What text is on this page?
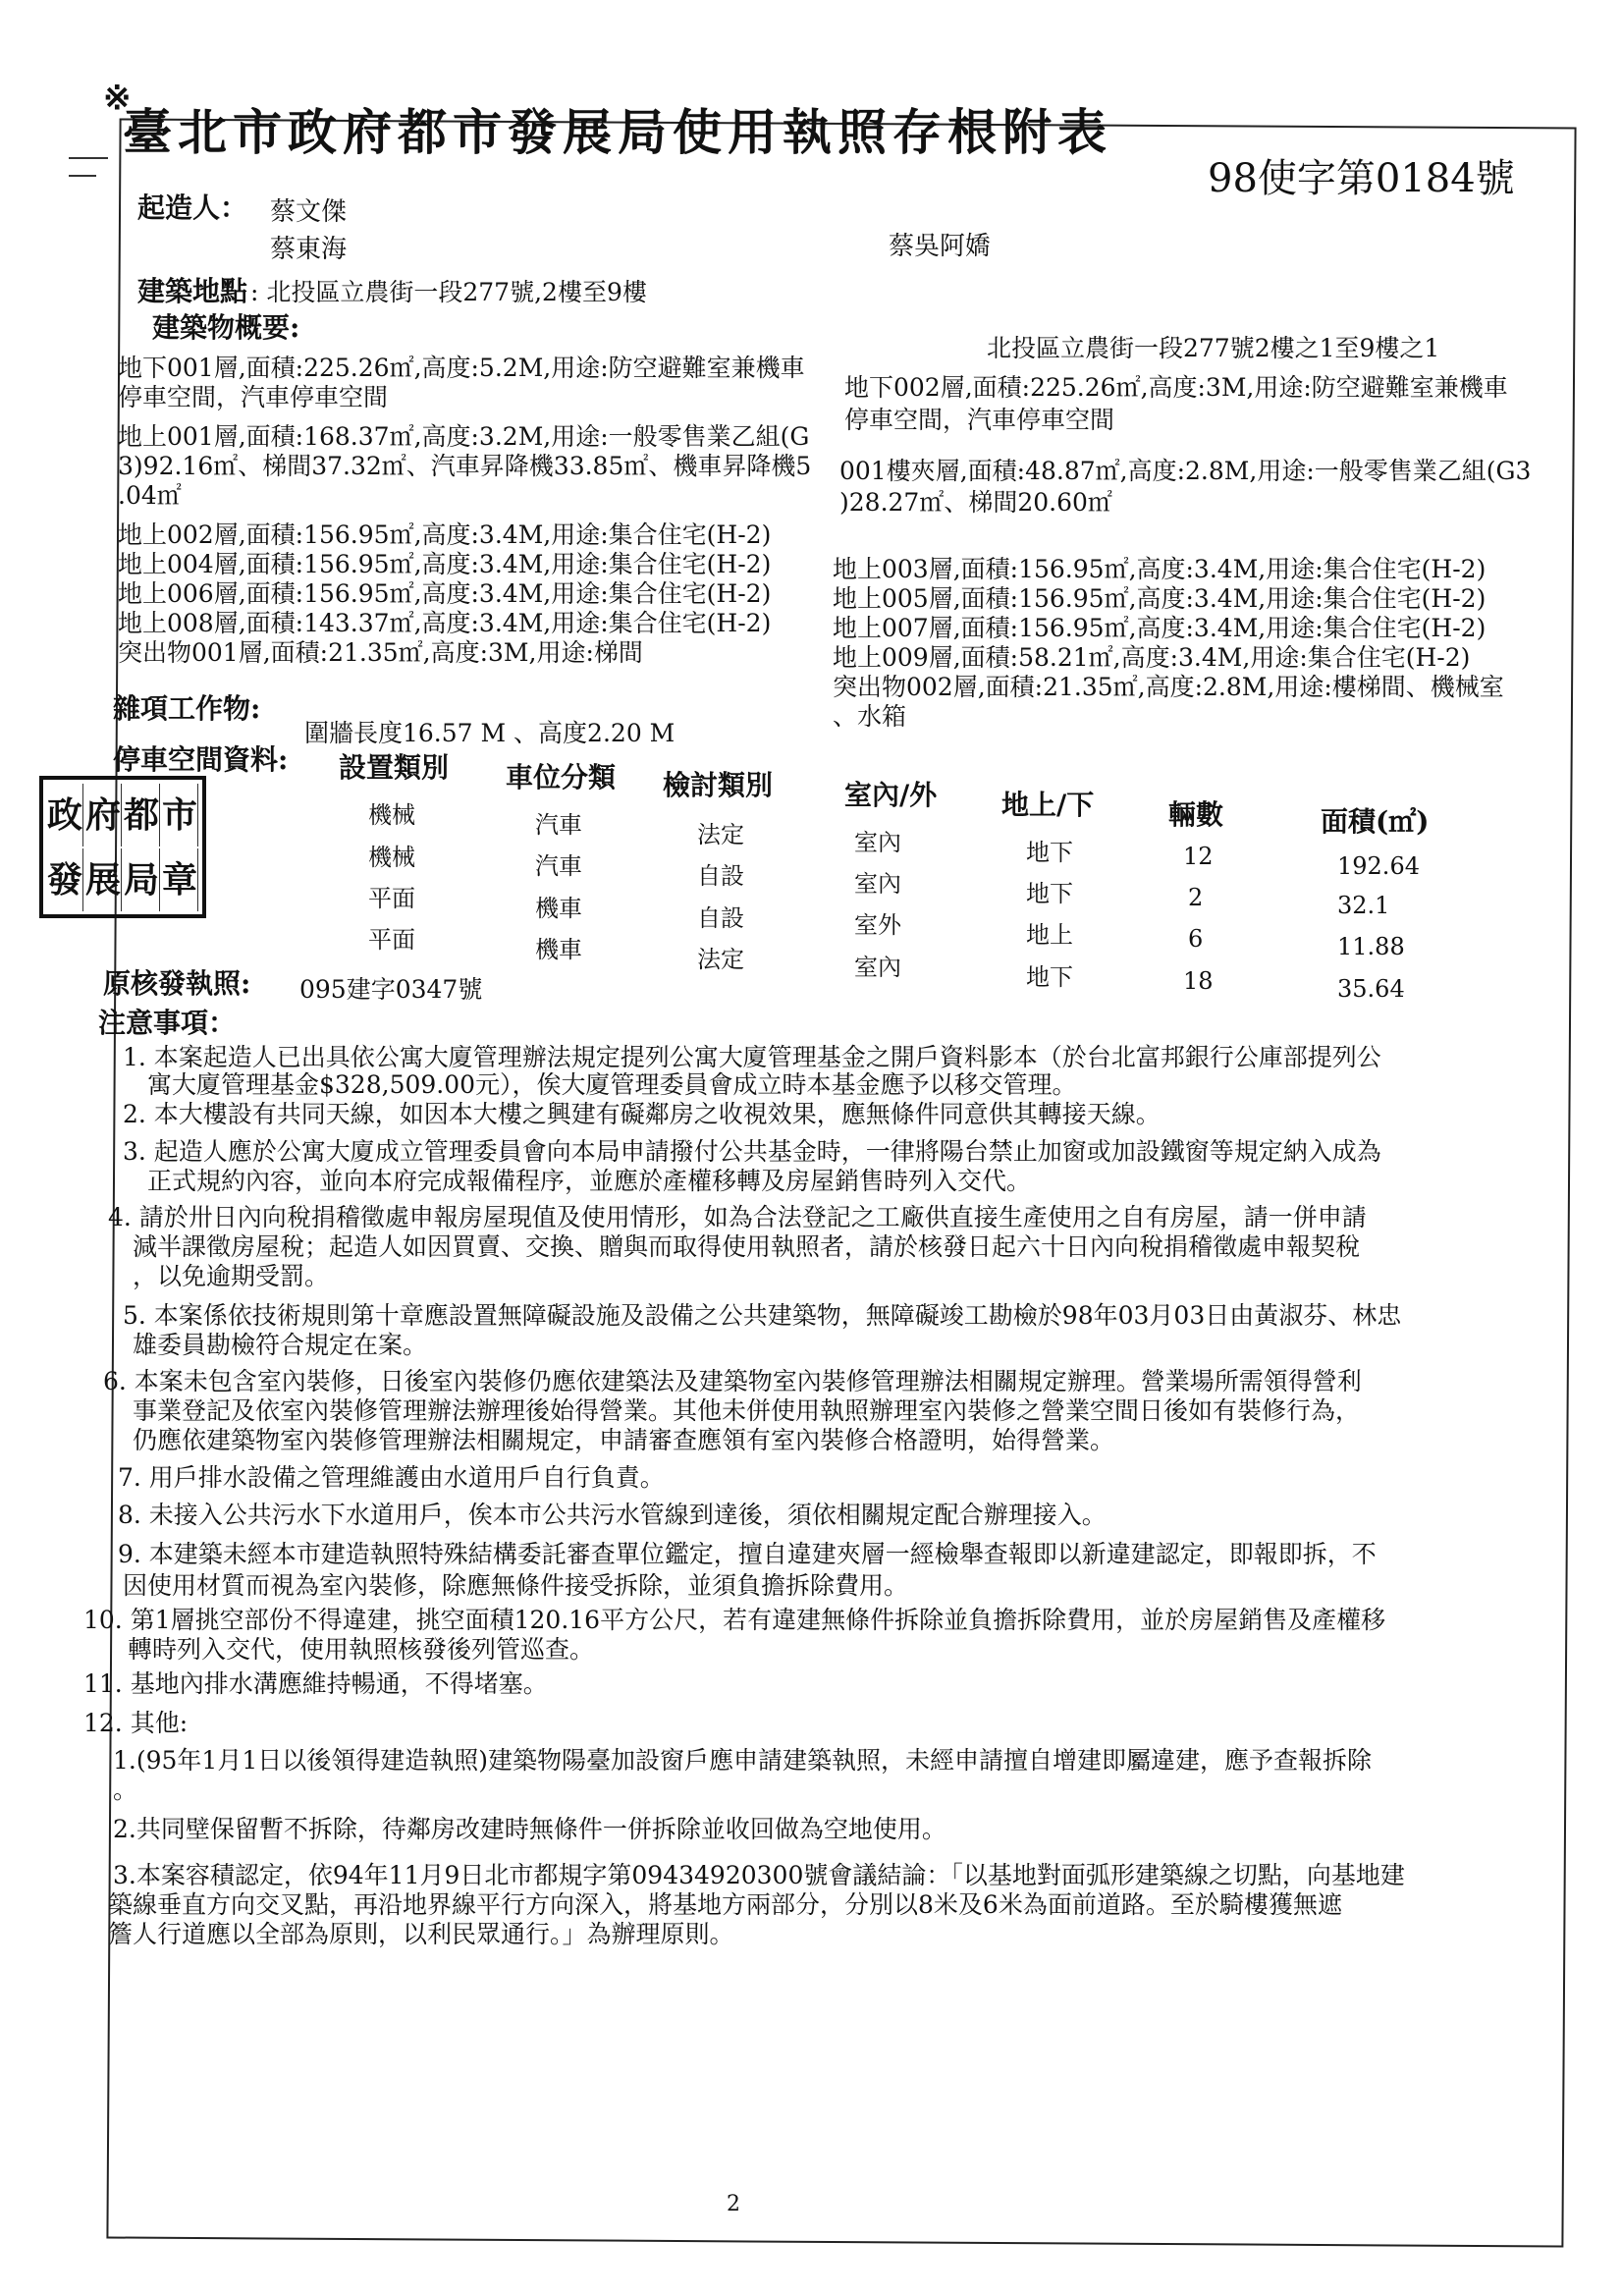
※
臺北市政府都市發展局使用執照存根附表
98使字第0184號
起造人： 蔡文傑
蔡東海	蔡吳阿嬌
建築地點 : 北投區立農街一段277號,2樓至9樓
北投區立農街一段277號2樓之1至9樓之1
建築物概要:
地下001層,面積:225.26㎡,高度:5.2M,用途:防空避難室兼機車
停車空間，汽車停車空間
地上001層,面積:168.37㎡,高度:3.2M,用途:一般零售業乙組(G
3)92.16㎡、梯間37.32㎡、汽車昇降機33.85㎡、機車昇降機5
.04㎡
地下002層,面積:225.26㎡,高度:3M,用途:防空避難室兼機車
停車空間，汽車停車空間
001樓夾層,面積:48.87㎡,高度:2.8M,用途:一般零售業乙組(G3
)28.27㎡、梯間20.60㎡
地上002層,面積:156.95㎡,高度:3.4M,用途:集合住宅(H-2)
地上004層,面積:156.95㎡,高度:3.4M,用途:集合住宅(H-2)
地上006層,面積:156.95㎡,高度:3.4M,用途:集合住宅(H-2)
地上008層,面積:143.37㎡,高度:3.4M,用途:集合住宅(H-2)
突出物001層,面積:21.35㎡,高度:3M,用途:梯間
地上003層,面積:156.95㎡,高度:3.4M,用途:集合住宅(H-2)
地上005層,面積:156.95㎡,高度:3.4M,用途:集合住宅(H-2)
地上007層,面積:156.95㎡,高度:3.4M,用途:集合住宅(H-2)
地上009層,面積:58.21㎡,高度:3.4M,用途:集合住宅(H-2)
突出物002層,面積:21.35㎡,高度:2.8M,用途:樓梯間、機械室
、水箱
雜項工作物:
圍牆長度16.57 M 、高度2.20 M
停車空間資料: 設置類別 車位分類 檢討類別	室內/外 地上/下	輛數	面積(㎡)
機械	汽車	法定	室內	地下	12	192.64
機械	汽車	自設	室內	地下	2	32.1
平面	機車	自設	室外	地上	6	11.88
平面	機車	法定	室內	地下	18	35.64
政 府 都 市
發 展 局 章
原核發執照: 095建字0347號
注意事項：
1. 本案起造人已出具依公寓大廈管理辦法規定提列公寓大廈管理基金之開戶資料影本（於台北富邦銀行公庫部提列公
寓大廈管理基金$328,509.00元），俟大廈管理委員會成立時本基金應予以移交管理。
2. 本大樓設有共同天線，如因本大樓之興建有礙鄰房之收視效果，應無條件同意供其轉接天線。
3. 起造人應於公寓大廈成立管理委員會向本局申請撥付公共基金時，一律將陽台禁止加窗或加設鐵窗等規定納入成為
正式規約內容，並向本府完成報備程序，並應於產權移轉及房屋銷售時列入交代。
4. 請於卅日內向稅捐稽徵處申報房屋現值及使用情形，如為合法登記之工廠供直接生產使用之自有房屋，請一併申請
減半課徵房屋稅；起造人如因買賣、交換、贈與而取得使用執照者，請於核發日起六十日內向稅捐稽徵處申報契稅
，以免逾期受罰。
5. 本案係依技術規則第十章應設置無障礙設施及設備之公共建築物，無障礙竣工勘檢於98年03月03日由黃淑芬、林忠
雄委員勘檢符合規定在案。
6. 本案未包含室內裝修，日後室內裝修仍應依建築法及建築物室內裝修管理辦法相關規定辦理。營業場所需領得營利
事業登記及依室內裝修管理辦法辦理後始得營業。其他未併使用執照辦理室內裝修之營業空間日後如有裝修行為，
仍應依建築物室內裝修管理辦法相關規定，申請審查應領有室內裝修合格證明，始得營業。
7. 用戶排水設備之管理維護由水道用戶自行負責。
8. 未接入公共污水下水道用戶，俟本市公共污水管線到達後，須依相關規定配合辦理接入。
9. 本建築未經本市建造執照特殊結構委託審查單位鑑定，擅自違建夾層一經檢舉查報即以新違建認定，即報即拆，不
因使用材質而視為室內裝修，除應無條件接受拆除，並須負擔拆除費用。
10. 第1層挑空部份不得違建，挑空面積120.16平方公尺，若有違建無條件拆除並負擔拆除費用，並於房屋銷售及產權移
轉時列入交代，使用執照核發後列管巡查。
11. 基地內排水溝應維持暢通，不得堵塞。
12. 其他:
1.(95年1月1日以後領得建造執照)建築物陽臺加設窗戶應申請建築執照，未經申請擅自增建即屬違建，應予查報拆除
。
2.共同壁保留暫不拆除，待鄰房改建時無條件一併拆除並收回做為空地使用。
3.本案容積認定，依94年11月9日北市都規字第09434920300號會議結論：「以基地對面弧形建築線之切點，向基地建
築線垂直方向交叉點，再沿地界線平行方向深入，將基地方兩部分，分別以8米及6米為面前道路。至於騎樓獲無遮
簷人行道應以全部為原則，以利民眾通行。」為辦理原則。
2
